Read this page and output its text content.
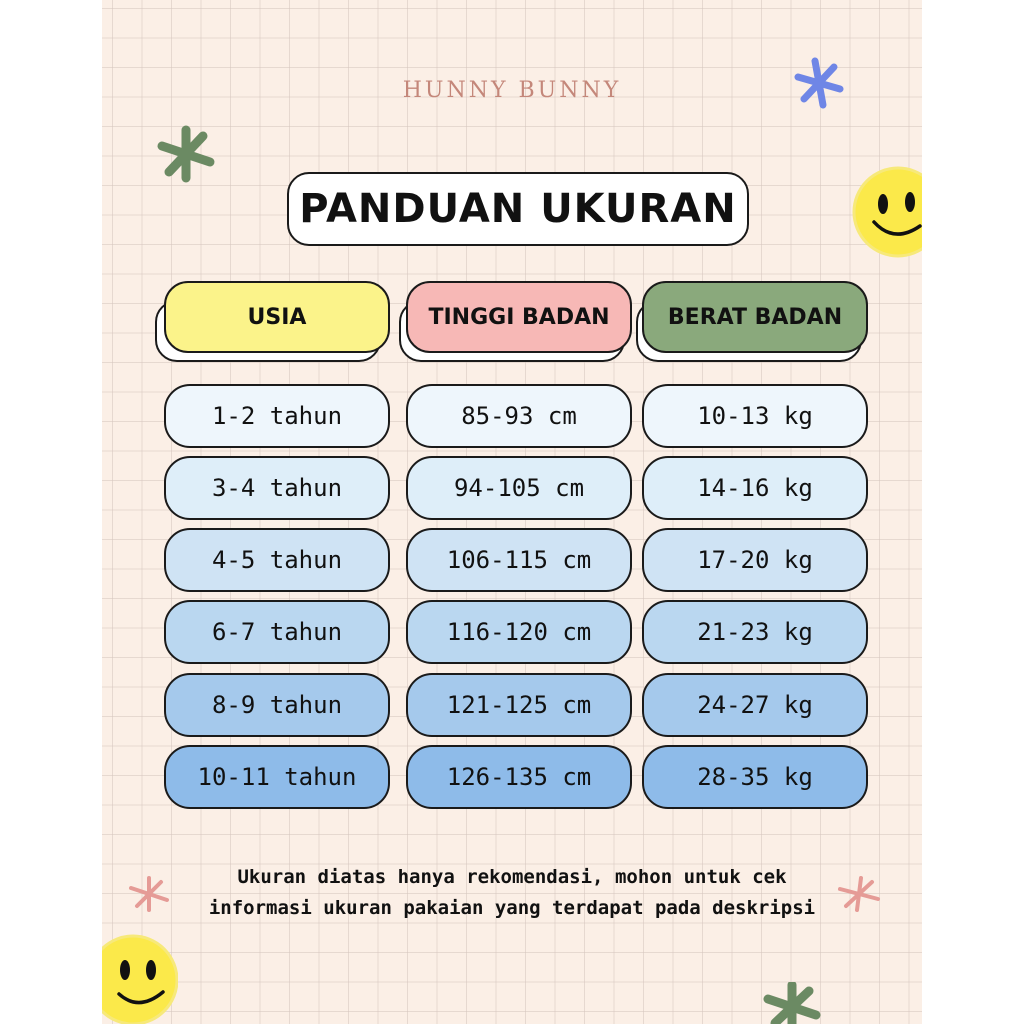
HUNNY BUNNY
PANDUAN UKURAN
USIA	TINGGI BADAN	BERAT BADAN
1-2 tahun	85-93 cm	10-13 kg
3-4 tahun	94-105 cm	14-16 kg
4-5 tahun	106-115 cm	17-20 kg
6-7 tahun	116-120 cm	21-23 kg
8-9 tahun	121-125 cm	24-27 kg
10-11 tahun	126-135 cm	28-35 kg
Ukuran diatas hanya rekomendasi, mohon untuk cek
informasi ukuran pakaian yang terdapat pada deskripsi
